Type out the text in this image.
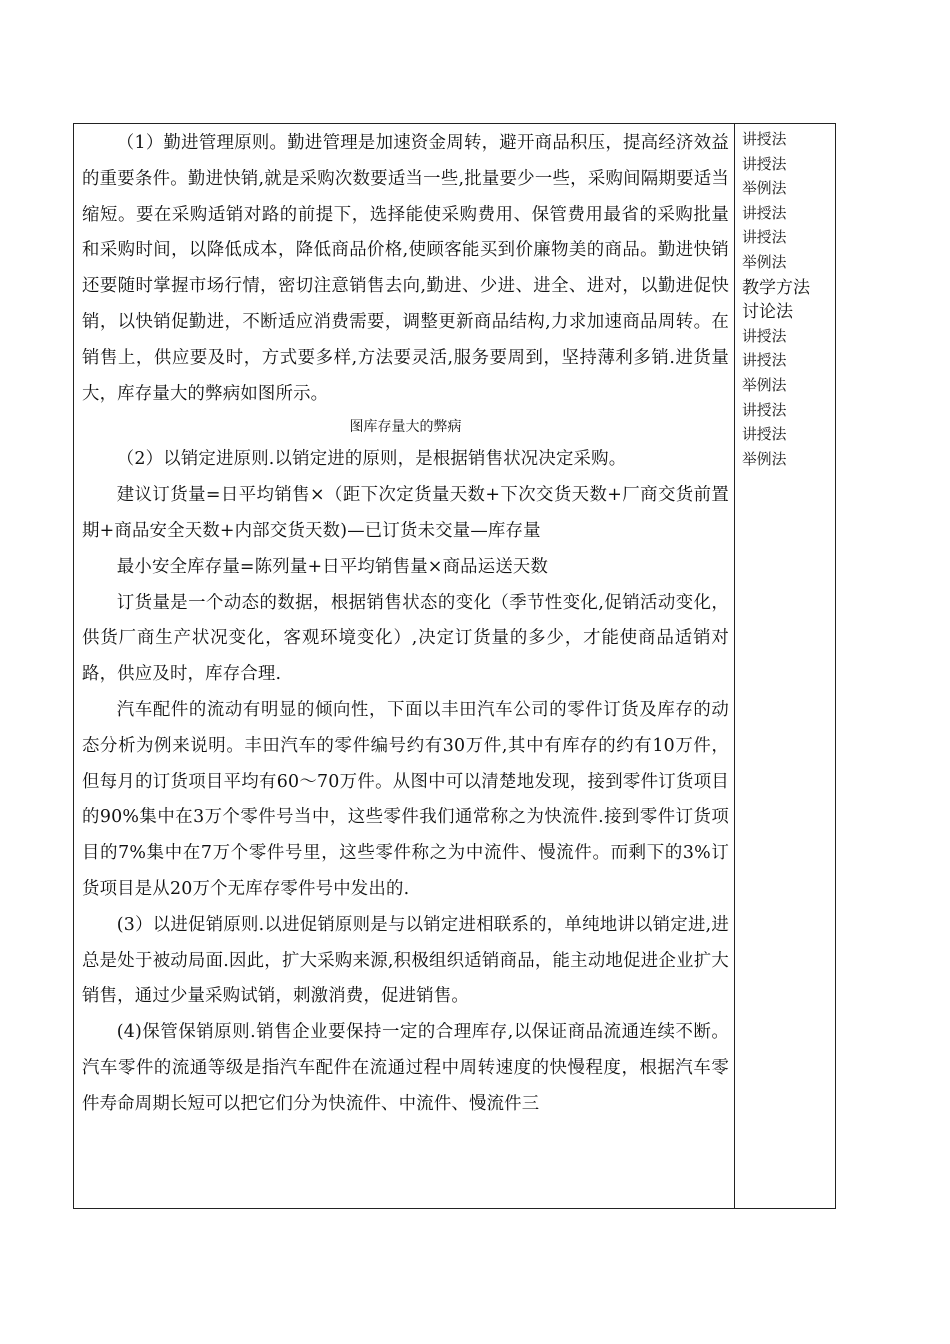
（1）勤进管理原则。勤进管理是加速资金周转，避开商品积压，提高经济效益的重要条件。勤进快销,就是采购次数要适当一些,批量要少一些，采购间隔期要适当缩短。要在采购适销对路的前提下，选择能使采购费用、保管费用最省的采购批量和采购时间，以降低成本，降低商品价格,使顾客能买到价廉物美的商品。勤进快销还要随时掌握市场行情，密切注意销售去向,勤进、少进、进全、进对，以勤进促快销，以快销促勤进，不断适应消费需要，调整更新商品结构,力求加速商品周转。在销售上，供应要及时，方式要多样,方法要灵活,服务要周到，坚持薄利多销.进货量大，库存量大的弊病如图所示。

图库存量大的弊病

（2）以销定进原则.以销定进的原则，是根据销售状况决定采购。

建议订货量=日平均销售×（距下次定货量天数+下次交货天数+厂商交货前置期+商品安全天数+内部交货天数)—已订货未交量—库存量

最小安全库存量=陈列量+日平均销售量×商品运送天数

订货量是一个动态的数据，根据销售状态的变化（季节性变化,促销活动变化，供货厂商生产状况变化，客观环境变化）,决定订货量的多少，才能使商品适销对路，供应及时，库存合理.

汽车配件的流动有明显的倾向性，下面以丰田汽车公司的零件订货及库存的动态分析为例来说明。丰田汽车的零件编号约有30万件,其中有库存的约有10万件，但每月的订货项目平均有60～70万件。从图中可以清楚地发现，接到零件订货项目的90%集中在3万个零件号当中，这些零件我们通常称之为快流件.接到零件订货项目的7%集中在7万个零件号里，这些零件称之为中流件、慢流件。而剩下的3%订货项目是从20万个无库存零件号中发出的.

(3）以进促销原则.以进促销原则是与以销定进相联系的，单纯地讲以销定进,进总是处于被动局面.因此，扩大采购来源,积极组织适销商品，能主动地促进企业扩大销售，通过少量采购试销，刺激消费，促进销售。

(4)保管保销原则.销售企业要保持一定的合理库存,以保证商品流通连续不断。汽车零件的流通等级是指汽车配件在流通过程中周转速度的快慢程度，根据汽车零件寿命周期长短可以把它们分为快流件、中流件、慢流件三

讲授法

讲授法

举例法

讲授法

讲授法

举例法

教学方法

讨论法

讲授法

讲授法

举例法

讲授法

讲授法

举例法
